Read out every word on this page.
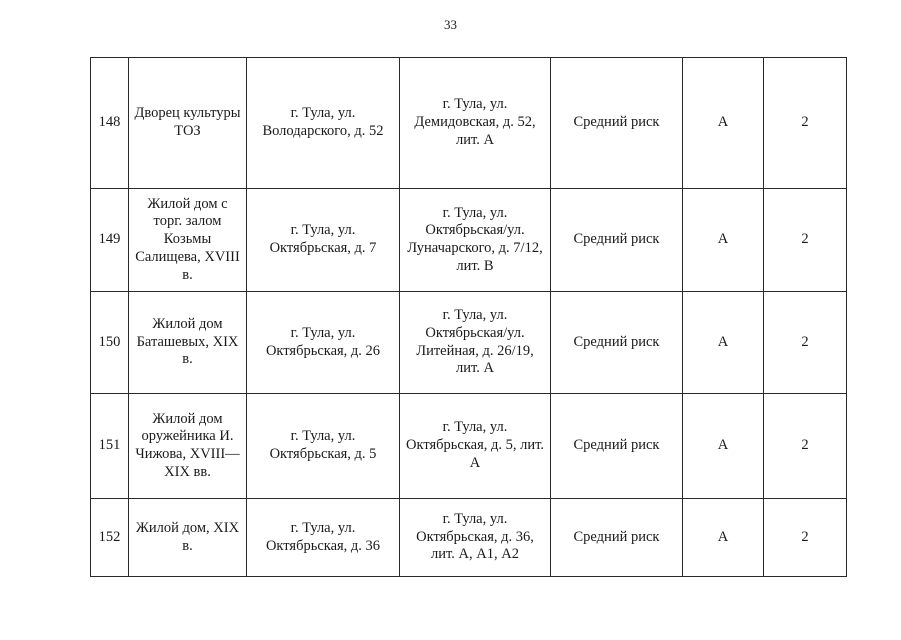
33
148	Дворец культуры ТОЗ	г. Тула, ул. Володарского, д. 52	г. Тула, ул. Демидовская, д. 52, лит. А	Средний риск	А	2
149	Жилой дом с торг. залом Козьмы Салищева, XVIII в.	г. Тула, ул. Октябрьская, д. 7	г. Тула, ул. Октябрьская/ул. Луначарского, д. 7/12, лит. В	Средний риск	А	2
150	Жилой дом Баташевых, XIX в.	г. Тула, ул. Октябрьская, д. 26	г. Тула, ул. Октябрьская/ул. Литейная, д. 26/19, лит. А	Средний риск	А	2
151	Жилой дом оружейника И. Чижова, XVIII—XIX вв.	г. Тула, ул. Октябрьская, д. 5	г. Тула, ул. Октябрьская, д. 5, лит. А	Средний риск	А	2
152	Жилой дом, XIX в.	г. Тула, ул. Октябрьская, д. 36	г. Тула, ул. Октябрьская, д. 36, лит. А, А1, А2	Средний риск	А	2
